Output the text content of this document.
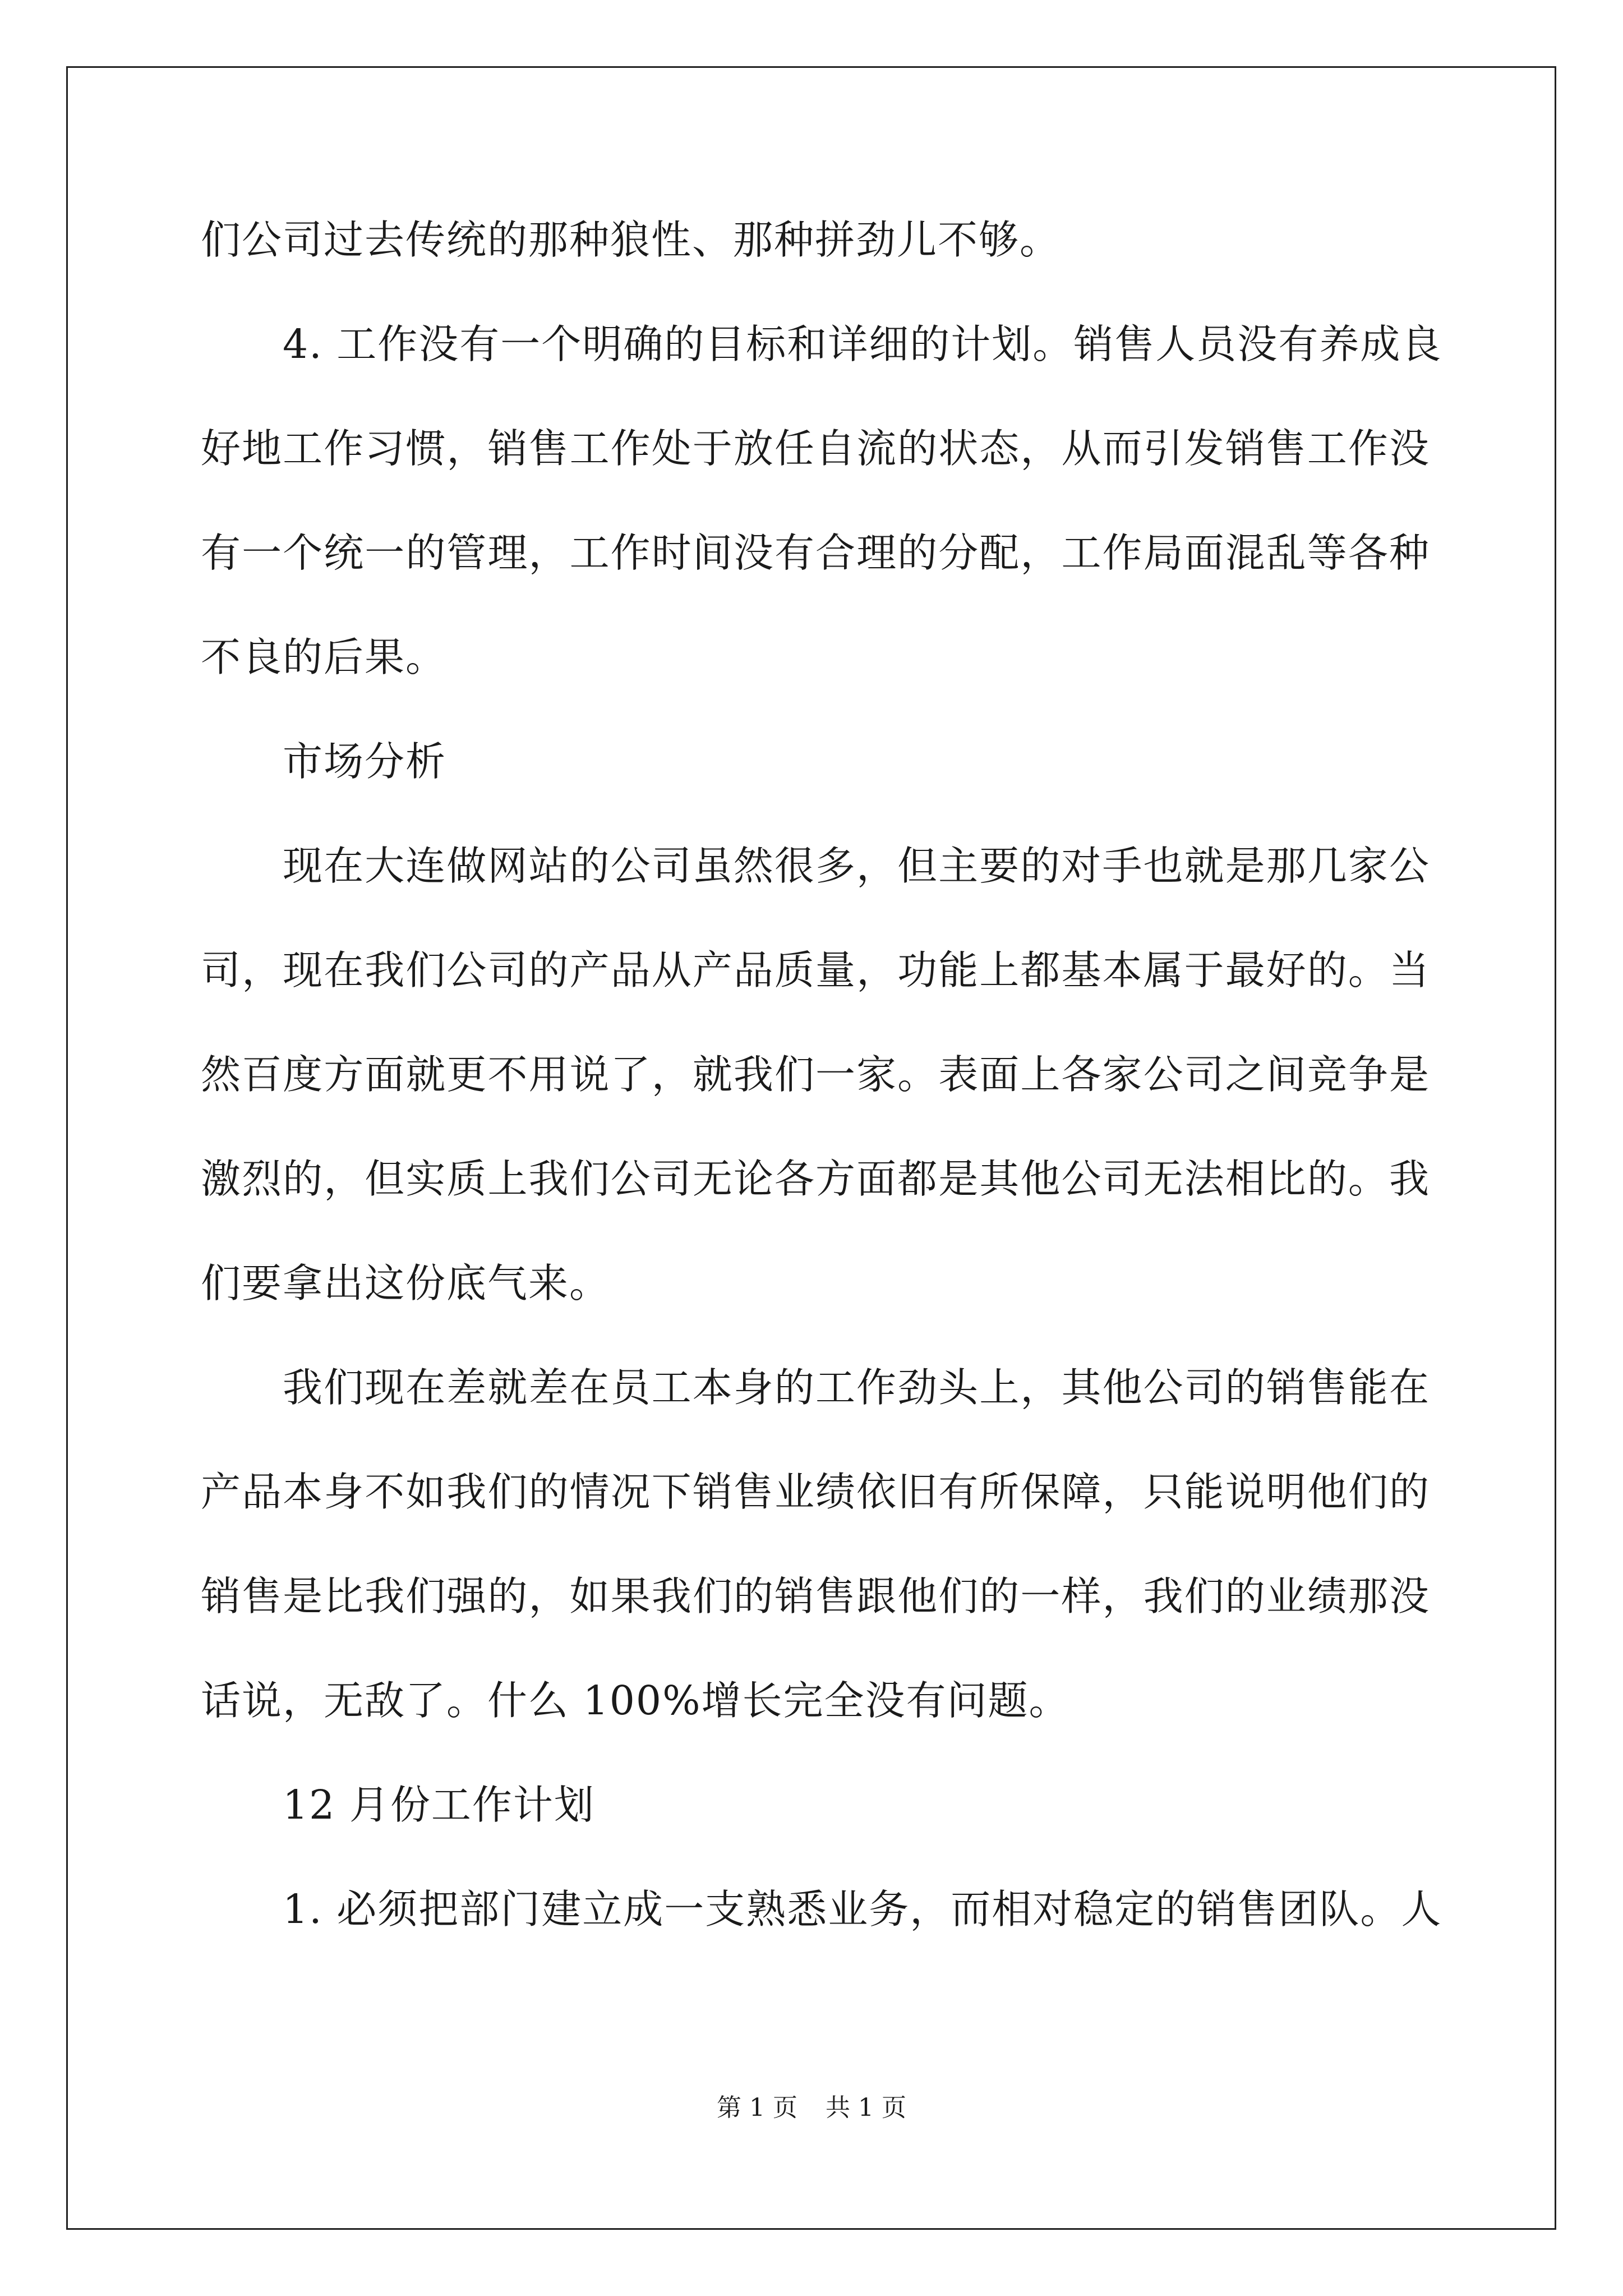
们公司过去传统的那种狼性、那种拼劲儿不够。
4. 工作没有一个明确的目标和详细的计划。销售人员没有养成良
好地工作习惯，销售工作处于放任自流的状态，从而引发销售工作没
有一个统一的管理，工作时间没有合理的分配，工作局面混乱等各种
不良的后果。
市场分析
现在大连做网站的公司虽然很多，但主要的对手也就是那几家公
司，现在我们公司的产品从产品质量，功能上都基本属于最好的。当
然百度方面就更不用说了，就我们一家。表面上各家公司之间竞争是
激烈的，但实质上我们公司无论各方面都是其他公司无法相比的。我
们要拿出这份底气来。
我们现在差就差在员工本身的工作劲头上，其他公司的销售能在
产品本身不如我们的情况下销售业绩依旧有所保障，只能说明他们的
销售是比我们强的，如果我们的销售跟他们的一样，我们的业绩那没
话说，无敌了。什么 100%增长完全没有问题。
12 月份工作计划
1. 必须把部门建立成一支熟悉业务，而相对稳定的销售团队。人
第 1 页 共 1 页
